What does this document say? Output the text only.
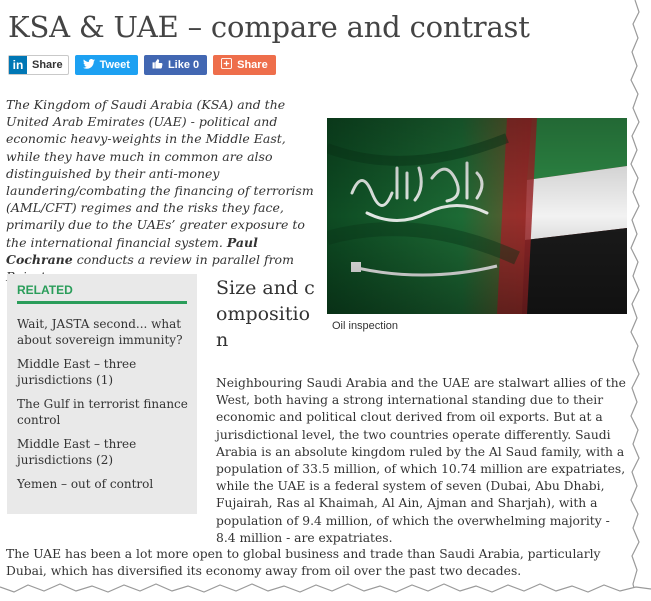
KSA & UAE – compare and contrast
in Share	Tweet	Like 0	Share

The Kingdom of Saudi Arabia (KSA) and the United Arab Emirates (UAE) - political and economic heavy-weights in the Middle East, while they have much in common are also distinguished by their anti-money laundering/combating the financing of terrorism (AML/CFT) regimes and the risks they face, primarily due to the UAEs’ greater exposure to the international financial system. Paul Cochrane conducts a review in parallel from

Oil inspection
RELATED
Wait, JASTA second... what about sovereign immunity?
Middle East – three jurisdictions (1)
The Gulf in terrorist finance control
Middle East – three jurisdictions (2)
Yemen – out of control
Size and composition

Neighbouring Saudi Arabia and the UAE are stalwart allies of the West, both having a strong international standing due to their economic and political clout derived from oil exports. But at a jurisdictional level, the two countries operate differently. Saudi Arabia is an absolute kingdom ruled by the Al Saud family, with a population of 33.5 million, of which 10.74 million are expatriates, while the UAE is a federal system of seven (Dubai, Abu Dhabi, Fujairah, Ras al Khaimah, Al Ain, Ajman and Sharjah), with a population of 9.4 million, of which the overwhelming majority - 8.4 million - are expatriates.

The UAE has been a lot more open to global business and trade than Saudi Arabia, particularly Dubai, which has diversified its economy away from oil over the past two decades.
